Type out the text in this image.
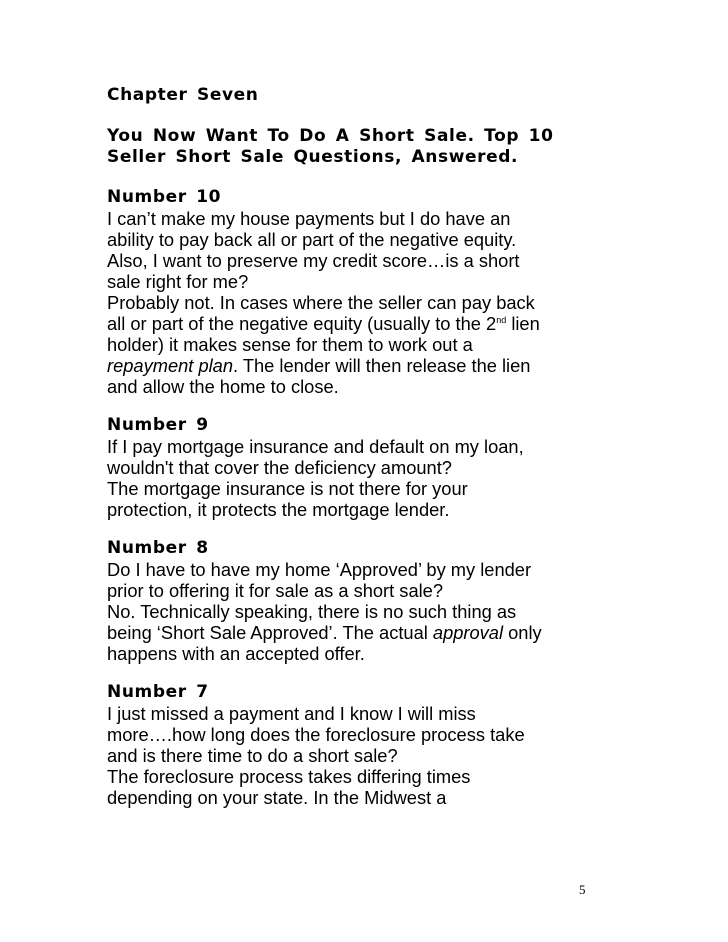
Chapter Seven

You Now Want To Do A Short Sale. Top 10
Seller Short Sale Questions, Answered.

Number 10

I can’t make my house payments but I do have an
ability to pay back all or part of the negative equity.
Also, I want to preserve my credit score…is a short
sale right for me?
Probably not. In cases where the seller can pay back
all or part of the negative equity (usually to the 2nd lien
holder) it makes sense for them to work out a
repayment plan. The lender will then release the lien
and allow the home to close.

Number 9

If I pay mortgage insurance and default on my loan,
wouldn't that cover the deficiency amount?
The mortgage insurance is not there for your
protection, it protects the mortgage lender.

Number 8

Do I have to have my home ‘Approved’ by my lender
prior to offering it for sale as a short sale?
No. Technically speaking, there is no such thing as
being ‘Short Sale Approved’. The actual approval only
happens with an accepted offer.

Number 7

I just missed a payment and I know I will miss
more….how long does the foreclosure process take
and is there time to do a short sale?
The foreclosure process takes differing times
depending on your state. In the Midwest a
5
